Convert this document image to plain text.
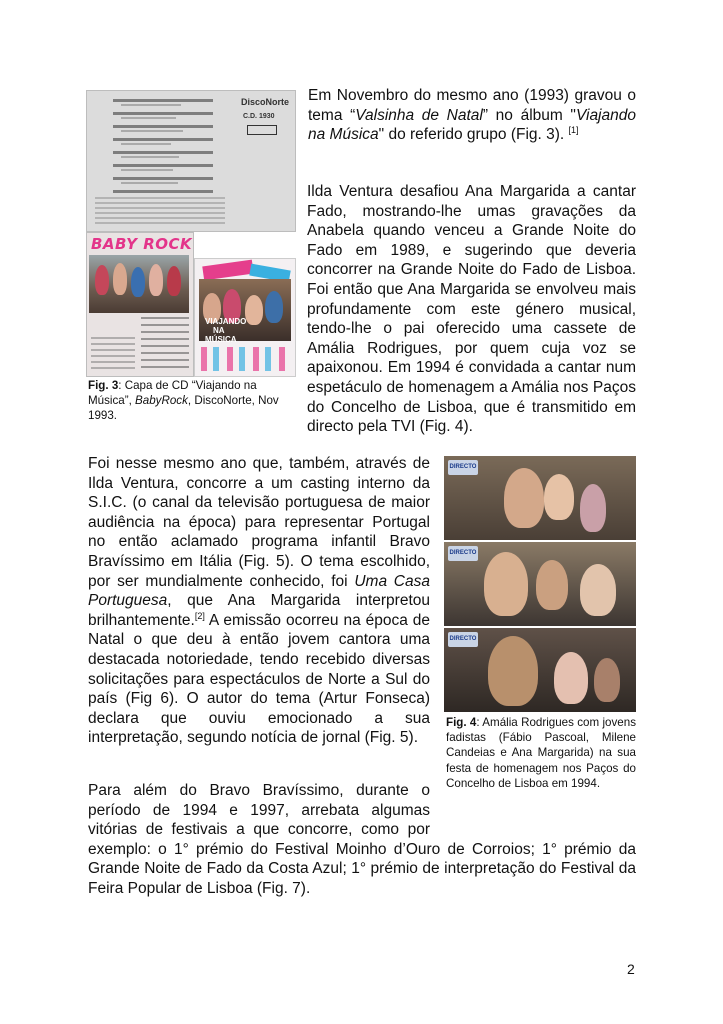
DiscoNorte
C.D. 1930
BABY ROCK
VIAJANDO
NA
MÚSICA

Fig. 3: Capa de CD “Viajando na Música”, BabyRock, DiscoNorte, Nov 1993.

Em Novembro do mesmo ano (1993) gravou o tema “Valsinha de Natal” no álbum "Viajando na Música" do referido grupo (Fig. 3). [1]

Ilda Ventura desafiou Ana Margarida a cantar Fado, mostrando-lhe umas gravações da Anabela quando venceu a Grande Noite do Fado em 1989, e sugerindo que deveria concorrer na Grande Noite do Fado de Lisboa. Foi então que Ana Margarida se envolveu mais profundamente com este género musical, tendo-lhe o pai oferecido uma cassete de Amália Rodrigues, por quem cuja voz se apaixonou. Em 1994 é convidada a cantar num espetáculo de homenagem a Amália nos Paços do Concelho de Lisboa, que é transmitido em directo pela TVI (Fig. 4).

Foi nesse mesmo ano que, também, através de Ilda Ventura, concorre a um casting interno da S.I.C. (o canal da televisão portuguesa de maior audiência na época) para representar Portugal no então aclamado programa infantil Bravo Bravíssimo em Itália (Fig. 5). O tema escolhido, por ser mundialmente conhecido, foi Uma Casa Portuguesa, que Ana Margarida interpretou brilhantemente.[2] A emissão ocorreu na época de Natal o que deu à então jovem cantora uma destacada notoriedade, tendo recebido diversas solicitações para espectáculos de Norte a Sul do país (Fig 6). O autor do tema (Artur Fonseca) declara que ouviu emocionado a sua interpretação, segundo notícia de jornal (Fig. 5).

DIRECTO
DIRECTO
DIRECTO

Fig. 4: Amália Rodrigues com jovens fadistas (Fábio Pascoal, Milene Candeias e Ana Margarida) na sua festa de homenagem nos Paços do Concelho de Lisboa em 1994.

Para além do Bravo Bravíssimo, durante o período de 1994 e 1997, arrebata algumas vitórias de festivais a que concorre, como por exemplo: o 1° prémio do Festival Moinho d’Ouro de Corroios; 1° prémio da Grande Noite de Fado da Costa Azul; 1° prémio de interpretação do Festival da Feira Popular de Lisboa (Fig. 7).

2
